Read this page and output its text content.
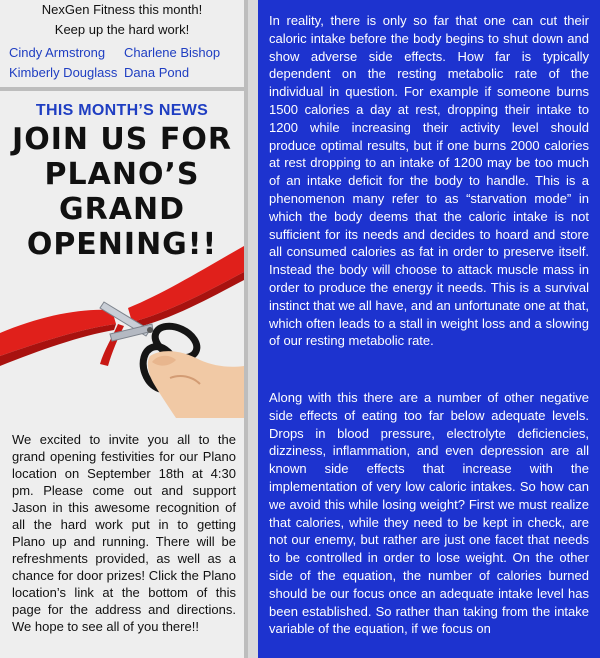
NexGen Fitness this month!
Keep up the hard work!
Cindy Armstrong	Charlene Bishop
Kimberly Douglass Dana Pond
THIS MONTH’S NEWS
JOIN US FOR
PLANO’S
GRAND
OPENING!!
We excited to invite you all to the grand opening festivities for our Plano location on September 18th at 4:30 pm. Please come out and support Jason in this awesome recognition of all the hard work put in to getting Plano up and running. There will be refreshments provided, as well as a chance for door prizes! Click the Plano location’s link at the bottom of this page for the address and directions. We hope to see all of you there!!

In reality, there is only so far that one can cut their caloric intake before the body begins to shut down and show adverse side effects. How far is typically dependent on the resting metabolic rate of the individual in question. For example if someone burns 1500 calories a day at rest, dropping their intake to 1200 while increasing their activity level should produce optimal results, but if one burns 2000 calories at rest dropping to an intake of 1200 may be too much of an intake deficit for the body to handle. This is a phenomenon many refer to as “starvation mode” in which the body deems that the caloric intake is not sufficient for its needs and decides to hoard and store all consumed calories as fat in order to preserve itself. Instead the body will choose to attack muscle mass in order to produce the energy it needs. This is a survival instinct that we all have, and an unfortunate one at that, which often leads to a stall in weight loss and a slowing of our resting metabolic rate.

Along with this there are a number of other negative side effects of eating too far below adequate levels. Drops in blood pressure, electrolyte deficiencies, dizziness, inflammation, and even depression are all known side effects that increase with the implementation of very low caloric intakes. So how can we avoid this while losing weight? First we must realize that calories, while they need to be kept in check, are not our enemy, but rather are just one facet that needs to be controlled in order to lose weight. On the other side of the equation, the number of calories burned should be our focus once an adequate intake level has been established. So rather than taking from the intake variable of the equation, if we focus on
